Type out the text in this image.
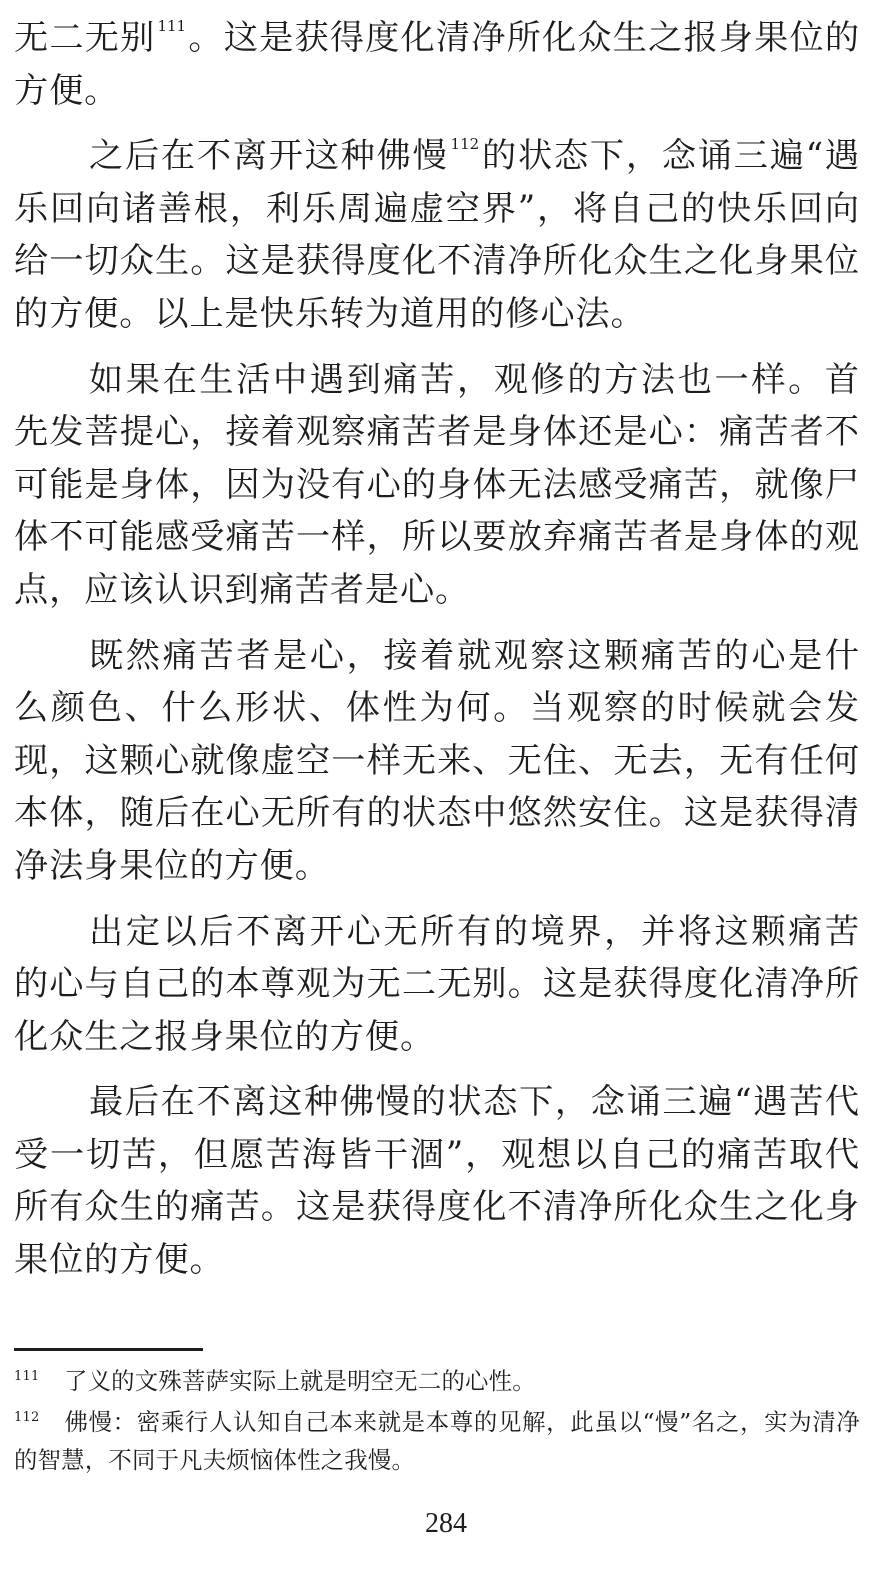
无二无别 $^{111}$。这是获得度化清净所化众生之报身果位的方便。

之后在不离开这种佛慢 $^{112}$的状态下，念诵三遍“遇乐回向诸善根，利乐周遍虚空界”，将自己的快乐回向给一切众生。这是获得度化不清净所化众生之化身果位的方便。以上是快乐转为道用的修心法。

如果在生活中遇到痛苦，观修的方法也一样。首先发菩提心，接着观察痛苦者是身体还是心：痛苦者不可能是身体，因为没有心的身体无法感受痛苦，就像尸体不可能感受痛苦一样，所以要放弃痛苦者是身体的观点，应该认识到痛苦者是心。

既然痛苦者是心，接着就观察这颗痛苦的心是什么颜色、什么形状、体性为何。当观察的时候就会发现，这颗心就像虚空一样无来、无住、无去，无有任何本体，随后在心无所有的状态中悠然安住。这是获得清净法身果位的方便。

出定以后不离开心无所有的境界，并将这颗痛苦的心与自己的本尊观为无二无别。这是获得度化清净所化众生之报身果位的方便。

最后在不离这种佛慢的状态下，念诵三遍“遇苦代受一切苦，但愿苦海皆干涸”，观想以自己的痛苦取代所有众生的痛苦。这是获得度化不清净所化众生之化身果位的方便。

111 了义的文殊菩萨实际上就是明空无二的心性。

112 佛慢：密乘行人认知自己本来就是本尊的见解，此虽以“慢”名之，实为清净的智慧，不同于凡夫烦恼体性之我慢。

284
